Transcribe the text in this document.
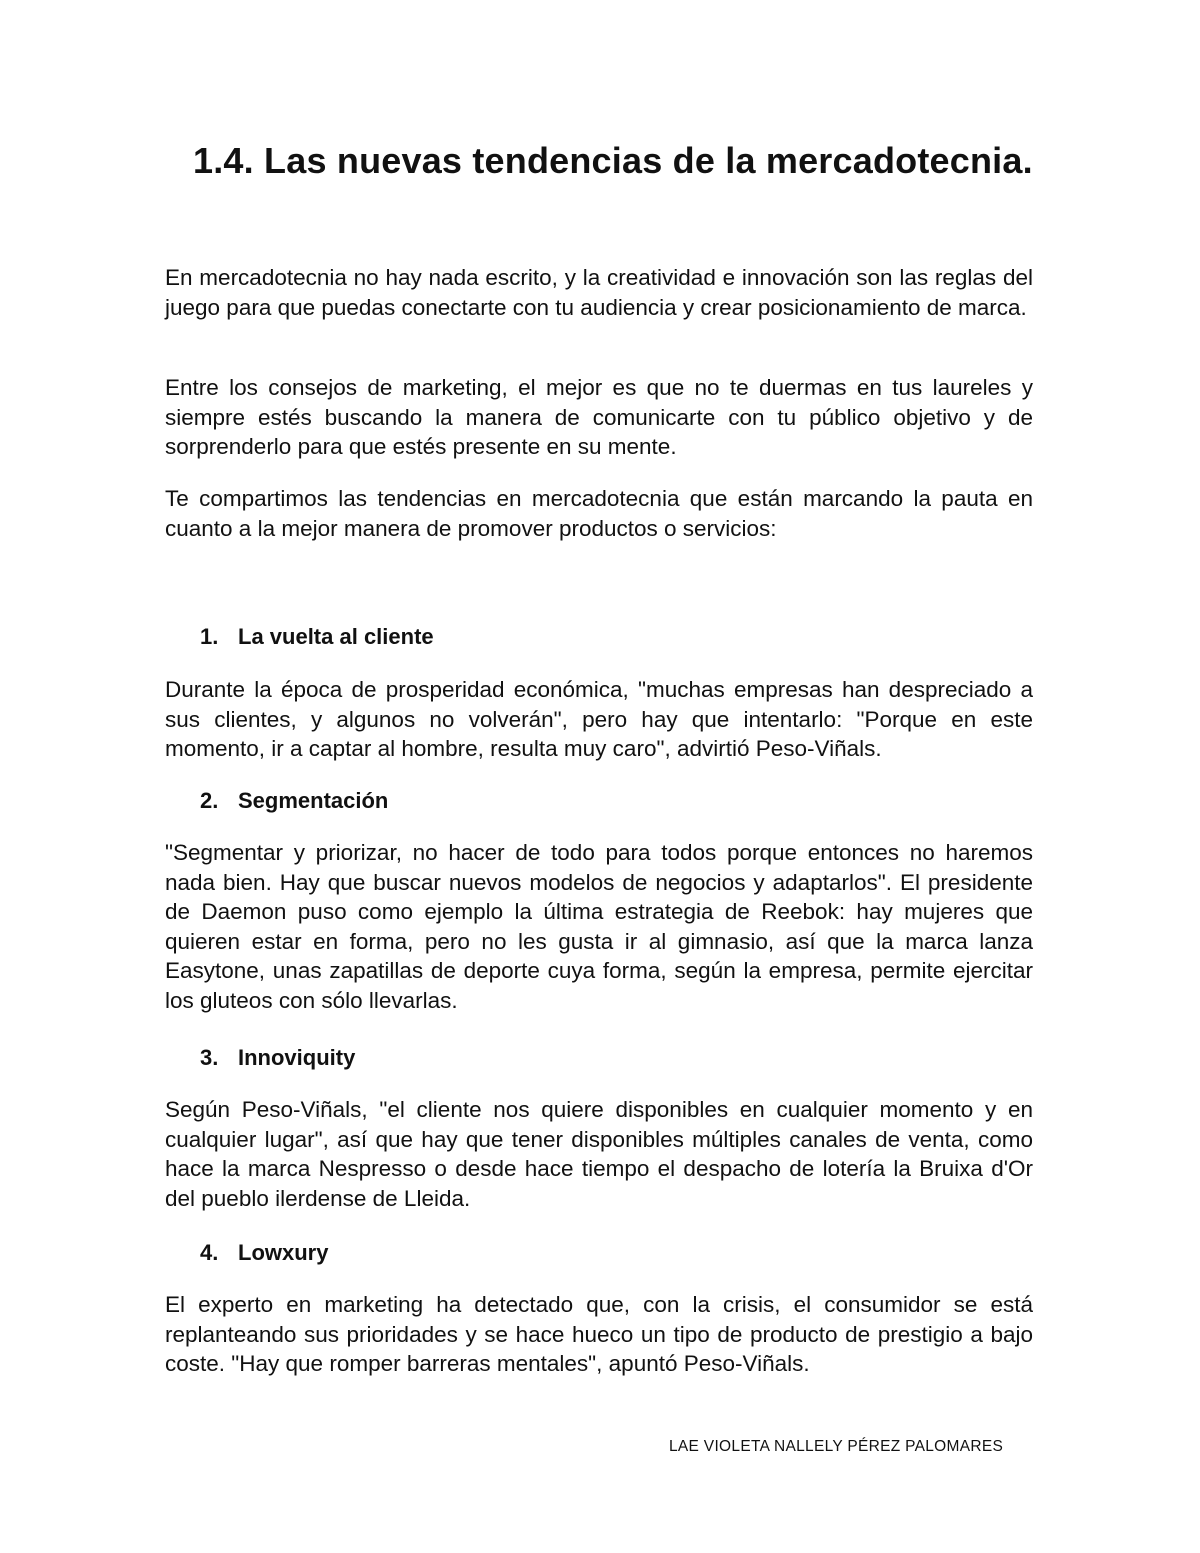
1.4. Las nuevas tendencias de la mercadotecnia.

En mercadotecnia no hay nada escrito, y la creatividad e innovación son las reglas del juego para que puedas conectarte con tu audiencia y crear posicionamiento de marca.

Entre los consejos de marketing, el mejor es que no te duermas en tus laureles y siempre estés buscando la manera de comunicarte con tu público objetivo y de sorprenderlo para que estés presente en su mente.

Te compartimos las tendencias en mercadotecnia que están marcando la pauta en cuanto a la mejor manera de promover productos o servicios:

1. La vuelta al cliente

Durante la época de prosperidad económica, "muchas empresas han despreciado a sus clientes, y algunos no volverán", pero hay que intentarlo: "Porque en este momento, ir a captar al hombre, resulta muy caro", advirtió Peso-Viñals.

2. Segmentación

"Segmentar y priorizar, no hacer de todo para todos porque entonces no haremos nada bien. Hay que buscar nuevos modelos de negocios y adaptarlos". El presidente de Daemon puso como ejemplo la última estrategia de Reebok: hay mujeres que quieren estar en forma, pero no les gusta ir al gimnasio, así que la marca lanza Easytone, unas zapatillas de deporte cuya forma, según la empresa, permite ejercitar los gluteos con sólo llevarlas.

3. Innoviquity

Según Peso-Viñals, "el cliente nos quiere disponibles en cualquier momento y en cualquier lugar", así que hay que tener disponibles múltiples canales de venta, como hace la marca Nespresso o desde hace tiempo el despacho de lotería la Bruixa d'Or del pueblo ilerdense de Lleida.

4. Lowxury

El experto en marketing ha detectado que, con la crisis, el consumidor se está replanteando sus prioridades y se hace hueco un tipo de producto de prestigio a bajo coste. "Hay que romper barreras mentales", apuntó Peso-Viñals.

LAE VIOLETA NALLELY PÉREZ PALOMARES
